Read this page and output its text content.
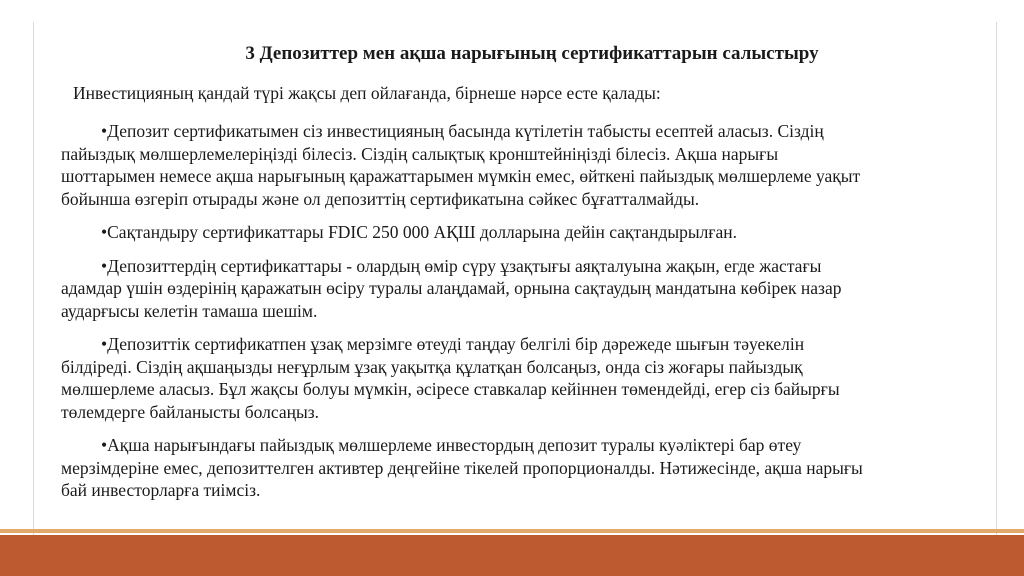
3 Депозиттер мен ақша нарығының сертификаттарын салыстыру
Инвестицияның қандай түрі жақсы деп ойлағанда, бірнеше нәрсе есте қалады:

•Депозит сертификатымен сіз инвестицияның басында күтілетін табысты есептей аласыз. Сіздің
пайыздық мөлшерлемелеріңізді білесіз. Сіздің салықтық кронштейніңізді білесіз. Ақша нарығы
шоттарымен немесе ақша нарығының қаражаттарымен мүмкін емес, өйткені пайыздық мөлшерлеме уақыт
бойынша өзгеріп отырады және ол депозиттің сертификатына сәйкес бұғатталмайды.

•Сақтандыру сертификаттары FDIC 250 000 АҚШ долларына дейін сақтандырылған.

•Депозиттердің сертификаттары - олардың өмір сүру ұзақтығы аяқталуына жақын, егде жастағы
адамдар үшін өздерінің қаражатын өсіру туралы алаңдамай, орнына сақтаудың мандатына көбірек назар
аударғысы келетін тамаша шешім.

•Депозиттік сертификатпен ұзақ мерзімге өтеуді таңдау белгілі бір дәрежеде шығын тәуекелін
білдіреді. Сіздің ақшаңызды неғұрлым ұзақ уақытқа құлатқан болсаңыз, онда сіз жоғары пайыздық
мөлшерлеме аласыз. Бұл жақсы болуы мүмкін, әсіресе ставкалар кейіннен төмендейді, егер сіз байырғы
төлемдерге байланысты болсаңыз.

•Ақша нарығындағы пайыздық мөлшерлеме инвестордың депозит туралы куәліктері бар өтеу
мерзімдеріне емес, депозиттелген активтер деңгейіне тікелей пропорционалды. Нәтижесінде, ақша нарығы
бай инвесторларға тиімсіз.
